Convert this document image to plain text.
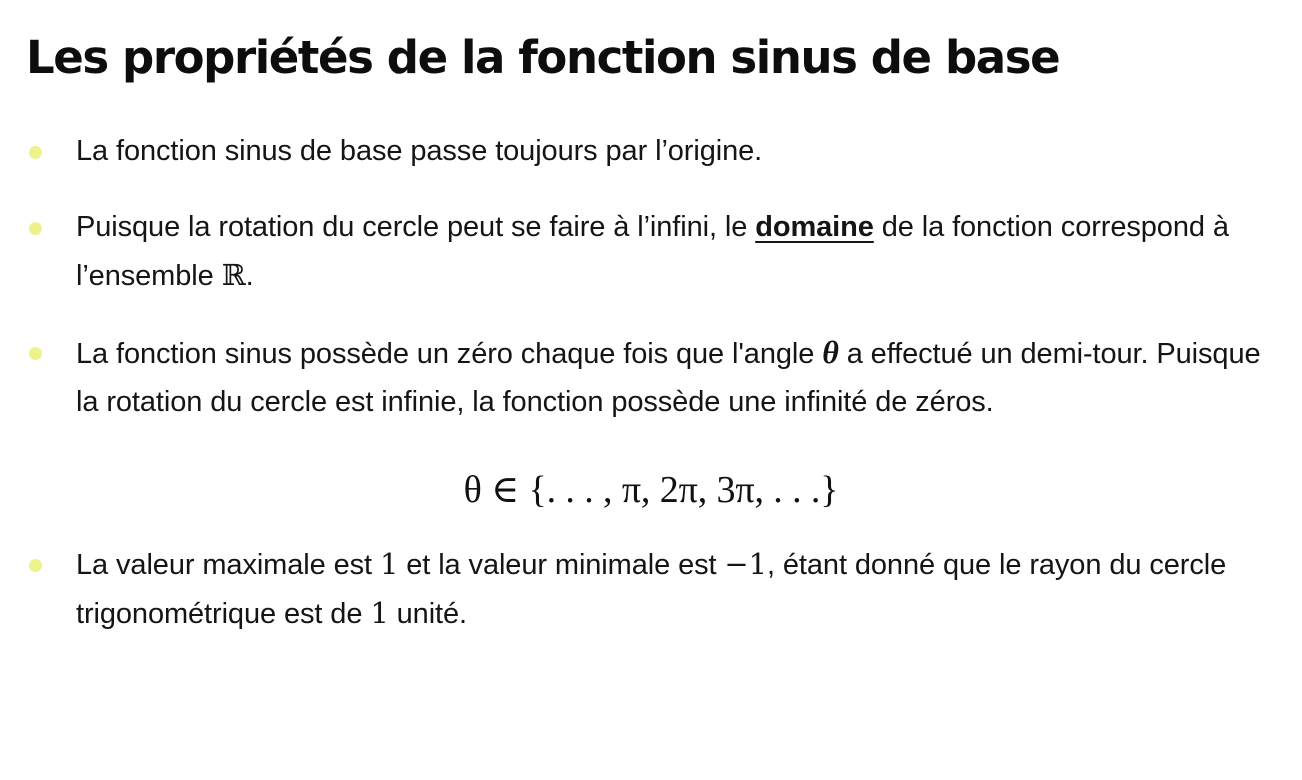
Les propriétés de la fonction sinus de base
La fonction sinus de base passe toujours par l’origine.
Puisque la rotation du cercle peut se faire à l’infini, le domaine de la fonction correspond à l’ensemble ℝ.
La fonction sinus possède un zéro chaque fois que l'angle θ a effectué un demi-tour. Puisque la rotation du cercle est infinie, la fonction possède une infinité de zéros.
θ ∈ {. . . , π, 2π, 3π, . . .}
La valeur maximale est 1 et la valeur minimale est −1, étant donné que le rayon du cercle trigonométrique est de 1 unité.
